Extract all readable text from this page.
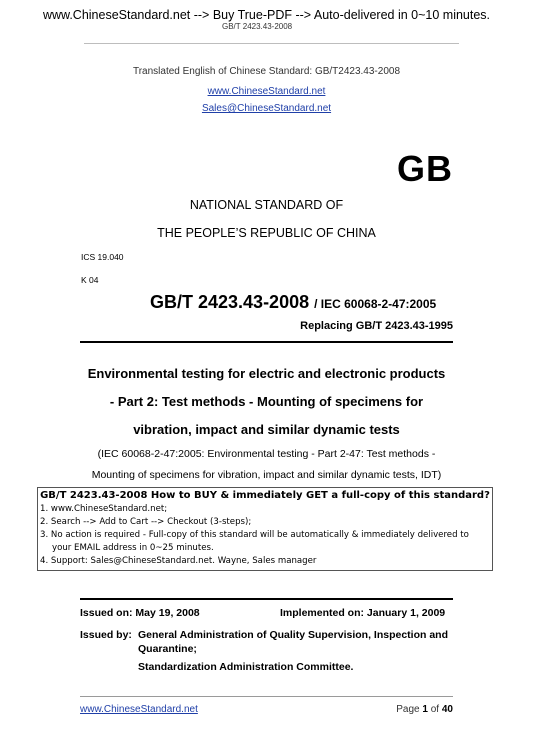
www.ChineseStandard.net --> Buy True-PDF --> Auto-delivered in 0~10 minutes.
GB/T 2423.43-2008
Translated English of Chinese Standard: GB/T2423.43-2008
www.ChineseStandard.net
Sales@ChineseStandard.net
GB
NATIONAL STANDARD OF
THE PEOPLE’S REPUBLIC OF CHINA
ICS 19.040
K 04
GB/T 2423.43-2008 / IEC 60068-2-47:2005
Replacing GB/T 2423.43-1995
Environmental testing for electric and electronic products
- Part 2: Test methods - Mounting of specimens for
vibration, impact and similar dynamic tests
(IEC 60068-2-47:2005: Environmental testing - Part 2-47: Test methods -
Mounting of specimens for vibration, impact and similar dynamic tests, IDT)
GB/T 2423.43-2008 How to BUY & immediately GET a full-copy of this standard?
1. www.ChineseStandard.net;
2. Search --> Add to Cart --> Checkout (3-steps);
3. No action is required - Full-copy of this standard will be automatically & immediately delivered to
your EMAIL address in 0~25 minutes.
4. Support: Sales@ChineseStandard.net. Wayne, Sales manager
Issued on: May 19, 2008	Implemented on: January 1, 2009
Issued by: General Administration of Quality Supervision, Inspection and
Quarantine;
Standardization Administration Committee.
www.ChineseStandard.net	Page 1 of 40
